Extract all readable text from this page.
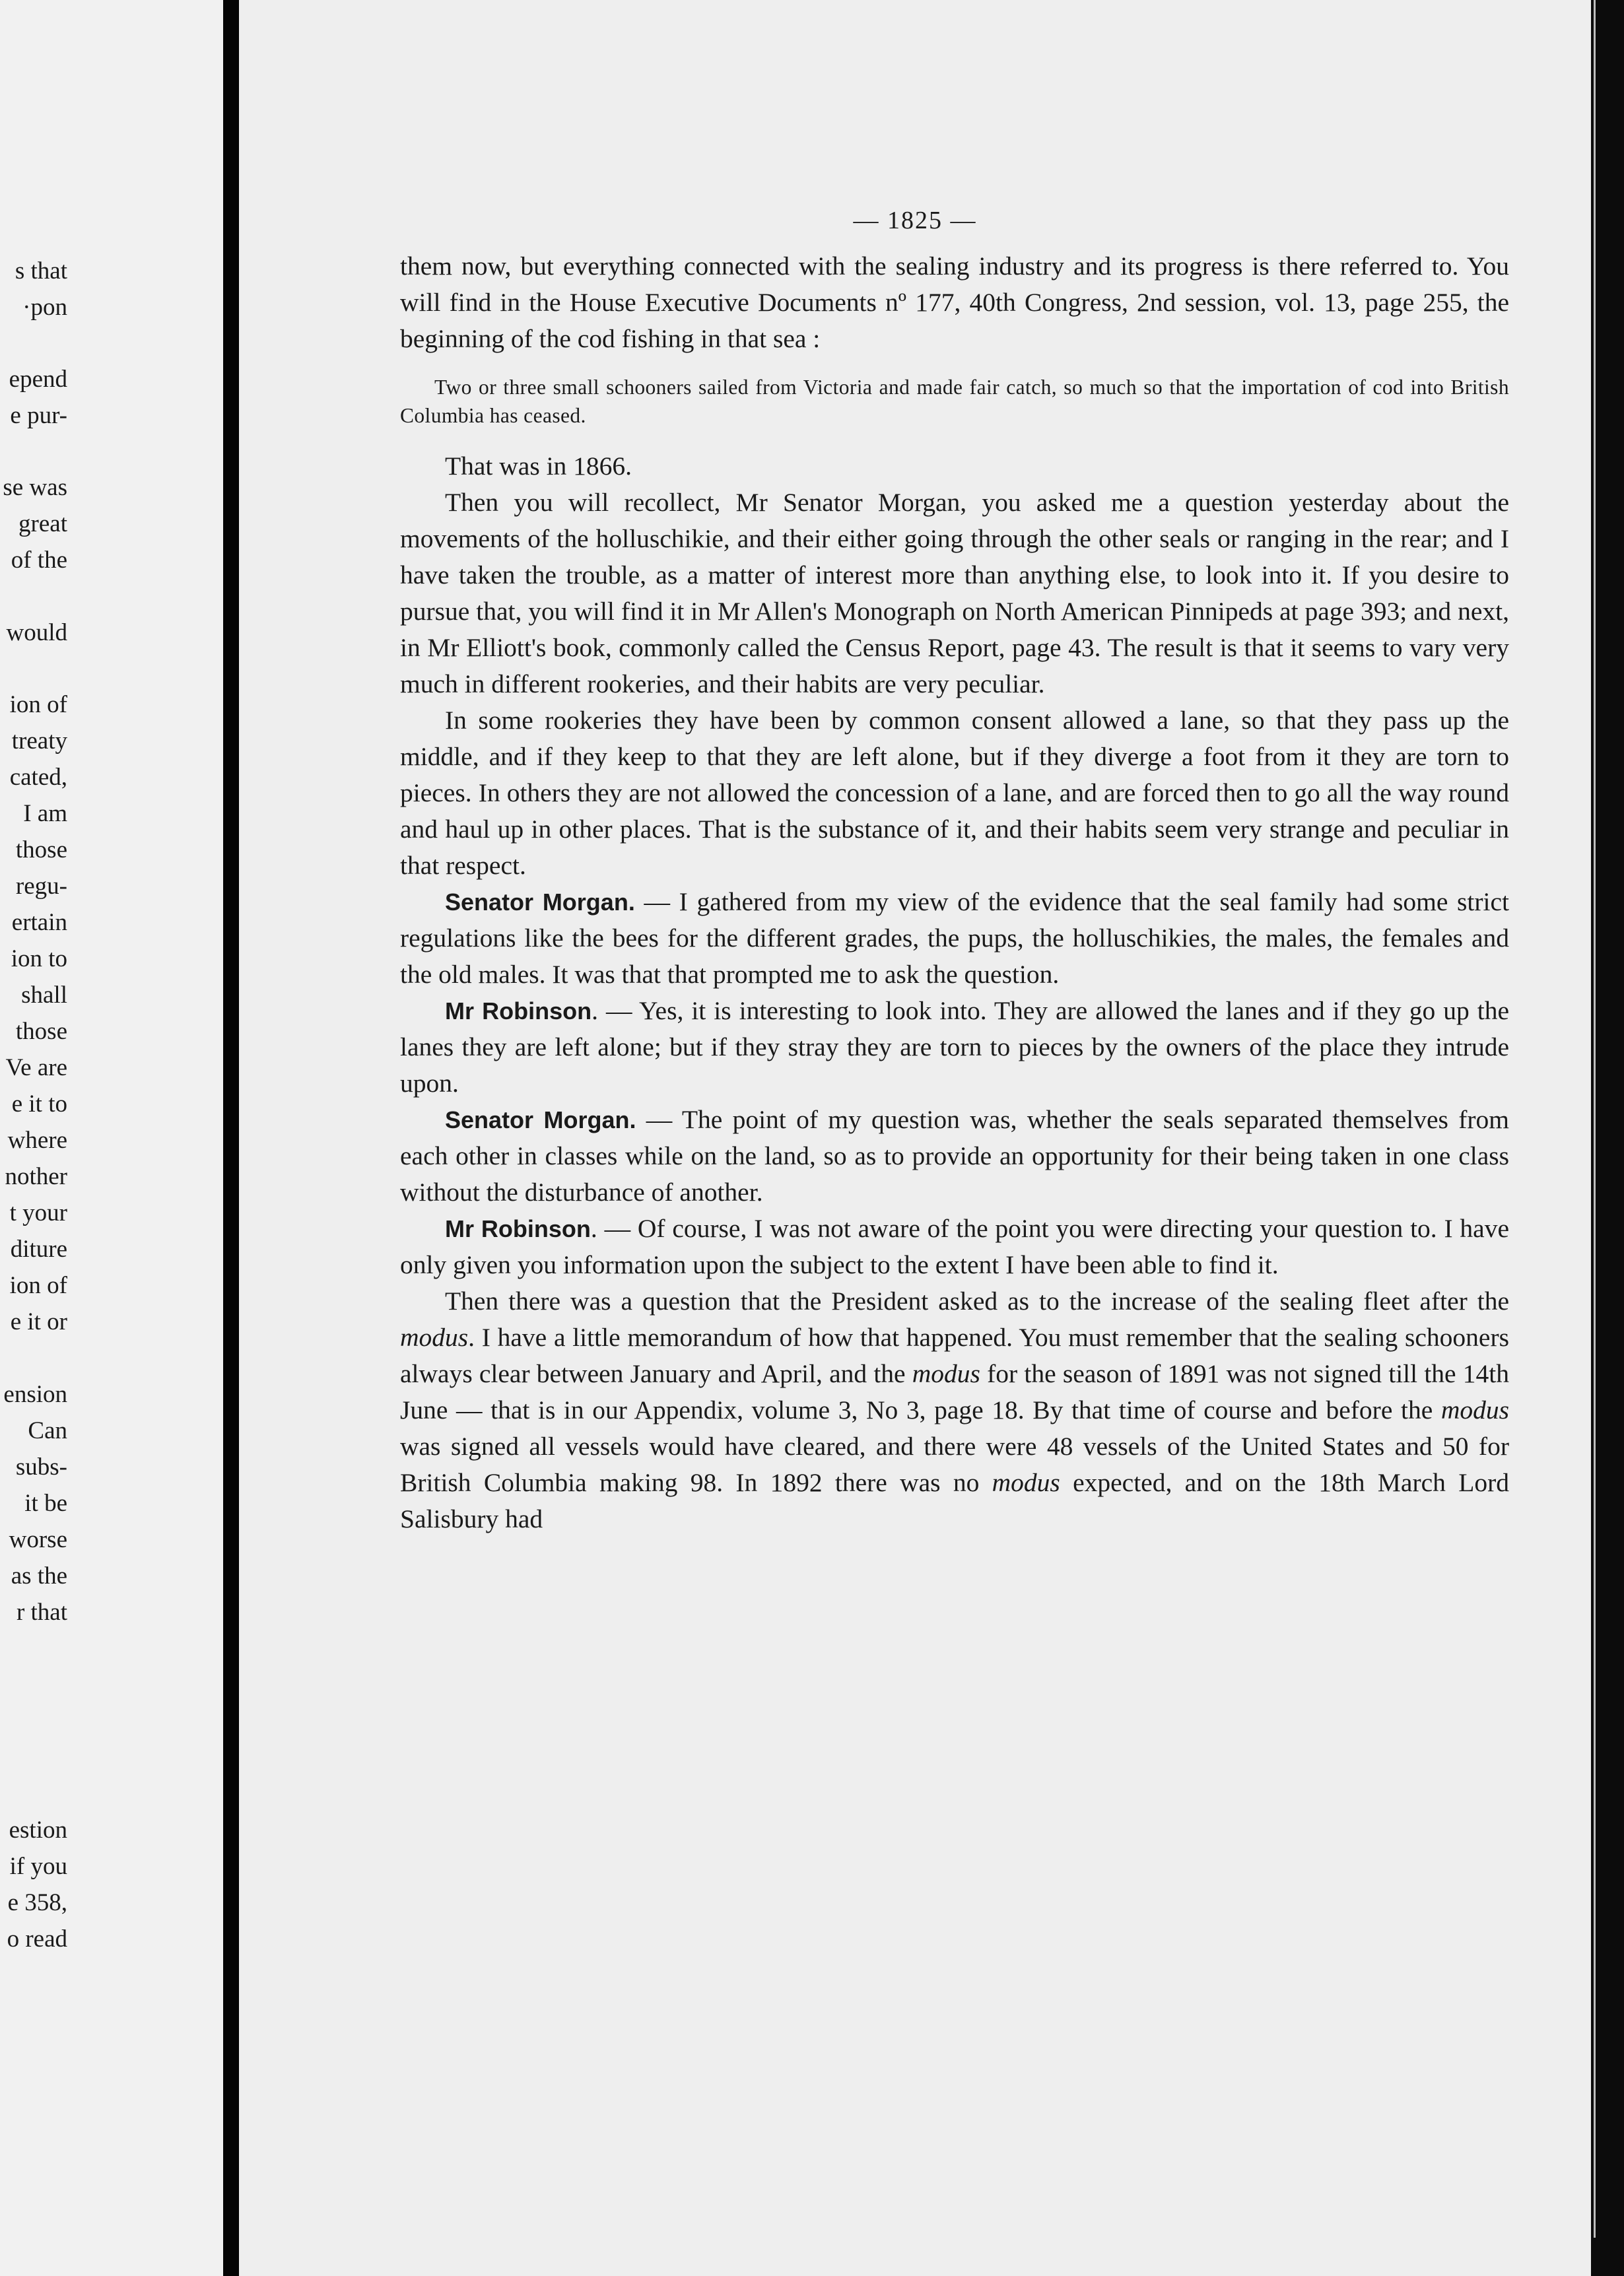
s that
·pon
epend
e pur-
se was
great
of the
would
ion of
treaty
cated,
I am
those
regu-
ertain
ion to
shall
those
Ve are
e it to
where
nother
t your
diture
ion of
e it or
ension
Can
subs-
it be
worse
as the
r that
estion
if you
e 358,
o read
— 1825 —

them now, but everything connected with the sealing industry and its progress is there referred to. You will find in the House Executive Documents nº 177, 40th Congress, 2nd session, vol. 13, page 255, the beginning of the cod fishing in that sea :

Two or three small schooners sailed from Victoria and made fair catch, so much so that the importation of cod into British Columbia has ceased.

That was in 1866.

Then you will recollect, Mr Senator Morgan, you asked me a question yesterday about the movements of the holluschikie, and their either going through the other seals or ranging in the rear; and I have taken the trouble, as a matter of interest more than anything else, to look into it. If you desire to pursue that, you will find it in Mr Allen's Monograph on North American Pinnipeds at page 393; and next, in Mr Elliott's book, commonly called the Census Report, page 43. The result is that it seems to vary very much in different rookeries, and their habits are very peculiar.

In some rookeries they have been by common consent allowed a lane, so that they pass up the middle, and if they keep to that they are left alone, but if they diverge a foot from it they are torn to pieces. In others they are not allowed the concession of a lane, and are forced then to go all the way round and haul up in other places. That is the substance of it, and their habits seem very strange and peculiar in that respect.

Senator Morgan. — I gathered from my view of the evidence that the seal family had some strict regulations like the bees for the different grades, the pups, the holluschikies, the males, the females and the old males. It was that that prompted me to ask the question.

Mr Robinson. — Yes, it is interesting to look into. They are allowed the lanes and if they go up the lanes they are left alone; but if they stray they are torn to pieces by the owners of the place they intrude upon.

Senator Morgan. — The point of my question was, whether the seals separated themselves from each other in classes while on the land, so as to provide an opportunity for their being taken in one class without the disturbance of another.

Mr Robinson. — Of course, I was not aware of the point you were directing your question to. I have only given you information upon the subject to the extent I have been able to find it.

Then there was a question that the President asked as to the increase of the sealing fleet after the modus. I have a little memorandum of how that happened. You must remember that the sealing schooners always clear between January and April, and the modus for the season of 1891 was not signed till the 14th June — that is in our Appendix, volume 3, No 3, page 18. By that time of course and before the modus was signed all vessels would have cleared, and there were 48 vessels of the United States and 50 for British Columbia making 98. In 1892 there was no modus expected, and on the 18th March Lord Salisbury had
